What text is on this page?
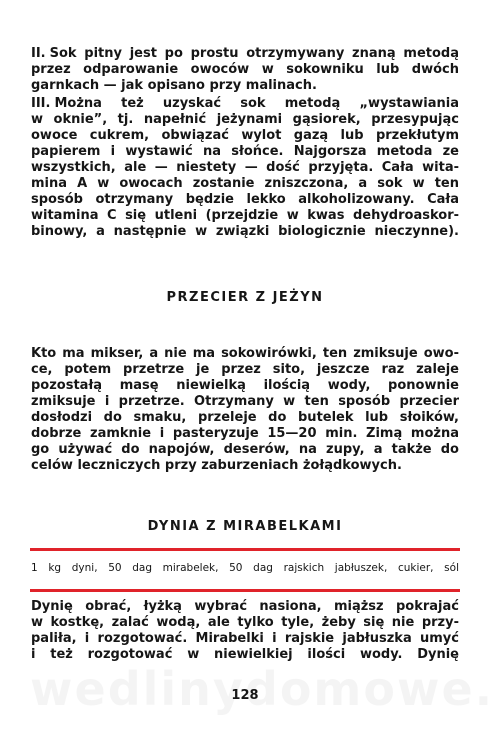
II. Sok pitny jest po prostu otrzymywany znaną metodą
przez odparowanie owoców w sokowniku lub dwóch
garnkach — jak opisano przy malinach.
III. Można też uzyskać sok metodą „wystawiania
w oknie”, tj. napełnić jeżynami gąsiorek, przesypując
owoce cukrem, obwiązać wylot gazą lub przekłutym
papierem i wystawić na słońce. Najgorsza metoda ze
wszystkich, ale — niestety — dość przyjęta. Cała wita-
mina A w owocach zostanie zniszczona, a sok w ten
sposób otrzymany będzie lekko alkoholizowany. Cała
witamina C się utleni (przejdzie w kwas dehydroaskor-
binowy, a następnie w związki biologicznie nieczynne).
PRZECIER Z JEŻYN
Kto ma mikser, a nie ma sokowirówki, ten zmiksuje owo-
ce, potem przetrze je przez sito, jeszcze raz zaleje
pozostałą masę niewielką ilością wody, ponownie
zmiksuje i przetrze. Otrzymany w ten sposób przecier
dosłodzi do smaku, przeleje do butelek lub słoików,
dobrze zamknie i pasteryzuje 15—20 min. Zimą można
go używać do napojów, deserów, na zupy, a także do
celów leczniczych przy zaburzeniach żołądkowych.
DYNIA Z MIRABELKAMI

1 kg dyni, 50 dag mirabelek, 50 dag rajskich jabłuszek, cukier, sól

Dynię obrać, łyżką wybrać nasiona, miąższ pokrajać
w kostkę, zalać wodą, ale tylko tyle, żeby się nie przy-
paliła, i rozgotować. Mirabelki i rajskie jabłuszka umyć
i też rozgotować w niewielkiej ilości wody. Dynię

128
